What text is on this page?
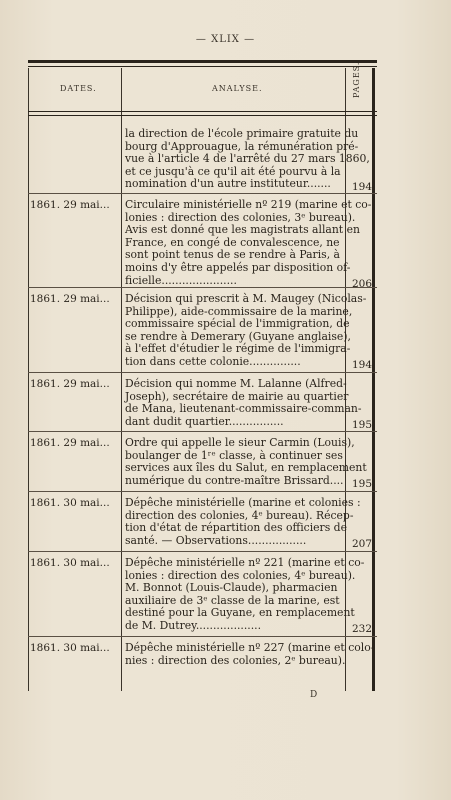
— XLIX —
DATES.	ANALYSE.	PAGES.
la direction de l'école primaire gratuite du
bourg d'Approuague, la rémunération pré-
vue à l'article 4 de l'arrêté du 27 mars 1860,
et ce jusqu'à ce qu'il ait été pourvu à la
nomination d'un autre instituteur.......	194
1861. 29 mai...	Circulaire ministérielle nº 219 (marine et co-
lonies : direction des colonies, 3ᵉ bureau).
Avis est donné que les magistrats allant en
France, en congé de convalescence, ne
sont point tenus de se rendre à Paris, à
moins d'y être appelés par disposition of-
ficielle......................	206
1861. 29 mai...	Décision qui prescrit à M. Maugey (Nicolas-
Philippe), aide-commissaire de la marine,
commissaire spécial de l'immigration, de
se rendre à Demerary (Guyane anglaise),
à l'effet d'étudier le régime de l'immigra-
tion dans cette colonie...............	194
1861. 29 mai...	Décision qui nomme M. Lalanne (Alfred-
Joseph), secrétaire de mairie au quartier
de Mana, lieutenant-commissaire-comman-
dant dudit quartier................	195
1861. 29 mai...	Ordre qui appelle le sieur Carmin (Louis),
boulanger de 1ʳᵉ classe, à continuer ses
services aux îles du Salut, en remplacement
numérique du contre-maître Brissard.... 195
1861. 30 mai...	Dépêche ministérielle (marine et colonies :
direction des colonies, 4ᵉ bureau). Récep-
tion d'état de répartition des officiers de
santé. — Observations.................	207
1861. 30 mai...	Dépêche ministérielle nº 221 (marine et co-
lonies : direction des colonies, 4ᵉ bureau).
M. Bonnot (Louis-Claude), pharmacien
auxiliaire de 3ᵉ classe de la marine, est
destiné pour la Guyane, en remplacement
de M. Dutrey...................	232
1861. 30 mai...	Dépêche ministérielle nº 227 (marine et colo-
nies : direction des colonies, 2ᵉ bureau).
D
